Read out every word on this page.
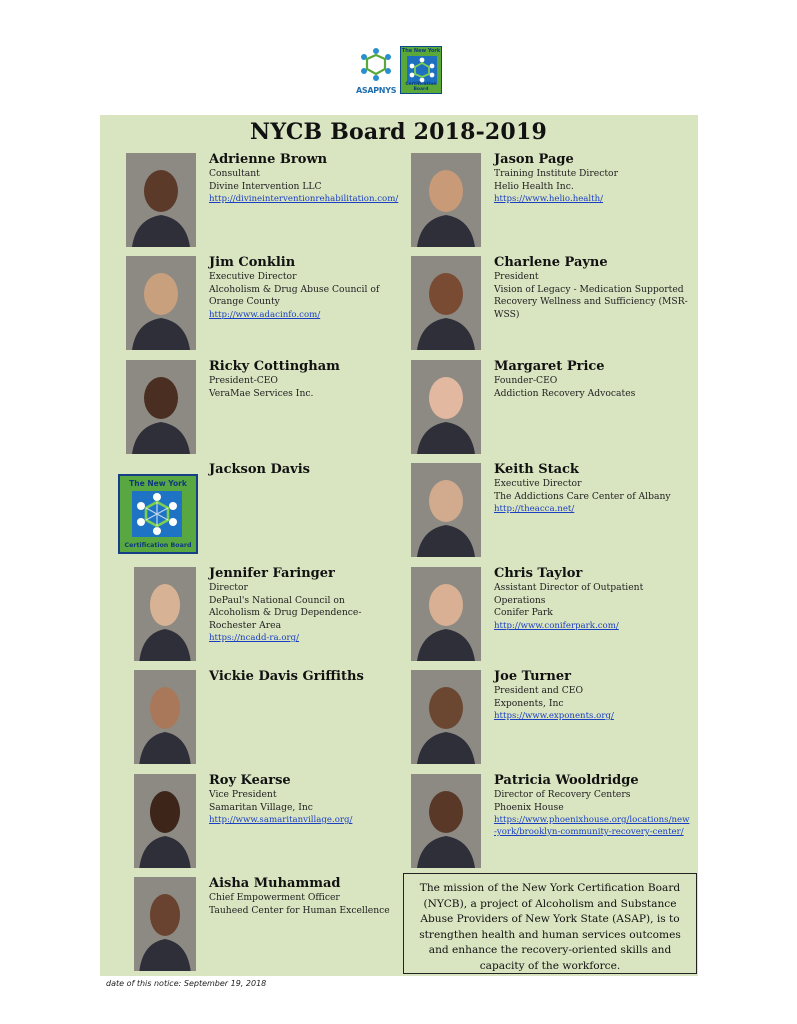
ASAPNYS
The New York
Certification Board
NYCB Board 2018-2019
Adrienne Brown
Consultant
Divine Intervention LLC
http://divineinterventionrehabilitation.com/
Jim Conklin
Executive Director
Alcoholism & Drug Abuse Council of
Orange County
http://www.adacinfo.com/
Ricky Cottingham
President-CEO
VeraMae Services Inc.
Jackson Davis
Jennifer Faringer
Director
DePaul's National Council on
Alcoholism & Drug Dependence-
Rochester Area
https://ncadd-ra.org/
Vickie Davis Griffiths
Roy Kearse
Vice President
Samaritan Village, Inc
http://www.samaritanvillage.org/
Aisha Muhammad
Chief Empowerment Officer
Tauheed Center for Human Excellence
Jason Page
Training Institute Director
Helio Health Inc.
https://www.helio.health/
Charlene Payne
President
Vision of Legacy - Medication Supported
Recovery Wellness and Sufficiency (MSR-
WSS)
Margaret Price
Founder-CEO
Addiction Recovery Advocates
Keith Stack
Executive Director
The Addictions Care Center of Albany
http://theacca.net/
Chris Taylor
Assistant Director of Outpatient
Operations
Conifer Park
http://www.coniferpark.com/
Joe Turner
President and CEO
Exponents, Inc
https://www.exponents.org/
Patricia Wooldridge
Director of Recovery Centers
Phoenix House
https://www.phoenixhouse.org/locations/new-york/brooklyn-community-recovery-center/
The New York
Certification Board
The mission of the New York Certification Board (NYCB), a project of Alcoholism and Substance Abuse Providers of New York State (ASAP), is to strengthen health and human services outcomes and enhance the recovery-oriented skills and capacity of the workforce.
date of this notice: September 19, 2018
